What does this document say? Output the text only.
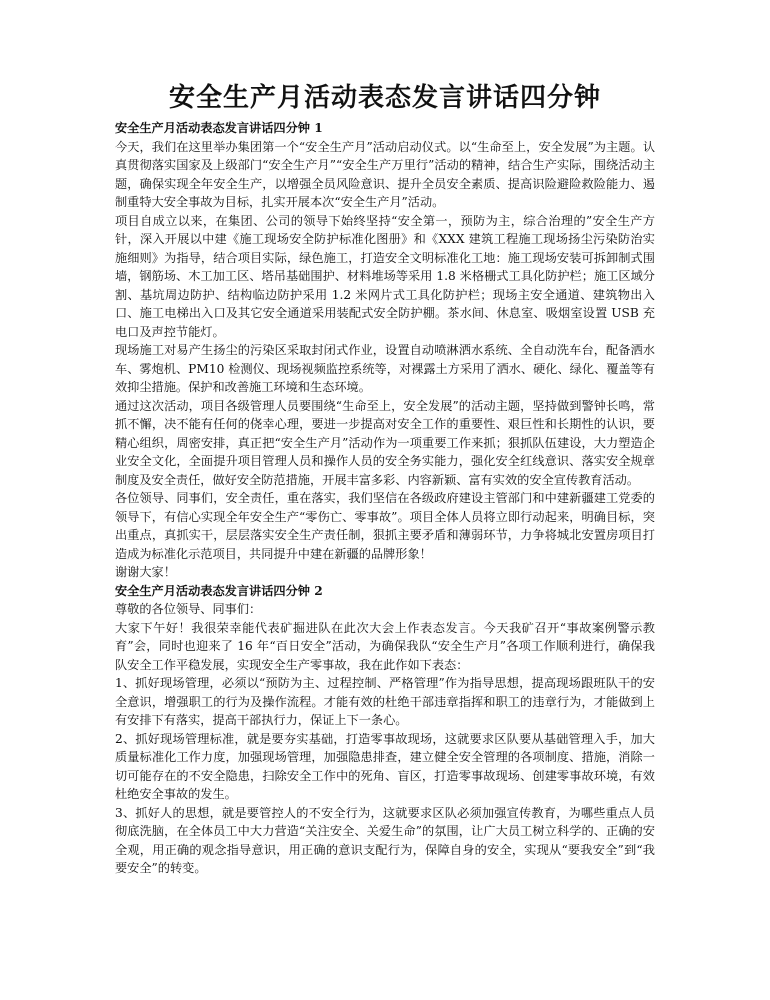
安全生产月活动表态发言讲话四分钟

安全生产月活动表态发言讲话四分钟 1

今天，我们在这里举办集团第一个“安全生产月”活动启动仪式。以“生命至上，安全发展”为主题。认真贯彻落实国家及上级部门“安全生产月”“安全生产万里行”活动的精神，结合生产实际，围绕活动主题，确保实现全年安全生产，以增强全员风险意识、提升全员安全素质、提高识险避险救险能力、遏制重特大安全事故为目标，扎实开展本次“安全生产月”活动。

项目自成立以来，在集团、公司的领导下始终坚持“安全第一，预防为主，综合治理的”安全生产方针，深入开展以中建《施工现场安全防护标准化图册》和《XXX 建筑工程施工现场扬尘污染防治实施细则》为指导，结合项目实际，绿色施工，打造安全文明标准化工地：施工现场安装可拆卸制式围墙，钢筋场、木工加工区、塔吊基础围护、材料堆场等采用 1.8 米格栅式工具化防护栏；施工区域分割、基坑周边防护、结构临边防护采用 1.2 米网片式工具化防护栏；现场主安全通道、建筑物出入口、施工电梯出入口及其它安全通道采用装配式安全防护棚。茶水间、休息室、吸烟室设置 USB 充电口及声控节能灯。

现场施工对易产生扬尘的污染区采取封闭式作业，设置自动喷淋洒水系统、全自动洗车台，配备洒水车、雾炮机、PM10 检测仪、现场视频监控系统等，对裸露土方采用了洒水、硬化、绿化、覆盖等有效抑尘措施。保护和改善施工环境和生态环境。

通过这次活动，项目各级管理人员要围绕“生命至上，安全发展”的活动主题，坚持做到警钟长鸣，常抓不懈，决不能有任何的侥幸心理，要进一步提高对安全工作的重要性、艰巨性和长期性的认识，要精心组织，周密安排，真正把“安全生产月”活动作为一项重要工作来抓；狠抓队伍建设，大力塑造企业安全文化，全面提升项目管理人员和操作人员的安全务实能力，强化安全红线意识、落实安全规章制度及安全责任，做好安全防范措施，开展丰富多彩、内容新颖、富有实效的安全宣传教育活动。

各位领导、同事们，安全责任，重在落实，我们坚信在各级政府建设主管部门和中建新疆建工党委的领导下，有信心实现全年安全生产“零伤亡、零事故”。项目全体人员将立即行动起来，明确目标，突出重点，真抓实干，层层落实安全生产责任制，狠抓主要矛盾和薄弱环节，力争将城北安置房项目打造成为标准化示范项目，共同提升中建在新疆的品牌形象！

谢谢大家！

安全生产月活动表态发言讲话四分钟 2

尊敬的各位领导、同事们：

大家下午好！我很荣幸能代表矿掘进队在此次大会上作表态发言。今天我矿召开“事故案例警示教育”会，同时也迎来了 16 年“百日安全”活动，为确保我队“安全生产月”各项工作顺利进行，确保我队安全工作平稳发展，实现安全生产零事故，我在此作如下表态：

1、抓好现场管理，必须以“预防为主、过程控制、严格管理”作为指导思想，提高现场跟班队干的安全意识，增强职工的行为及操作流程。才能有效的杜绝干部违章指挥和职工的违章行为，才能做到上有安排下有落实，提高干部执行力，保证上下一条心。

2、抓好现场管理标准，就是要夯实基础，打造零事故现场，这就要求区队要从基础管理入手，加大质量标准化工作力度，加强现场管理，加强隐患排查，建立健全安全管理的各项制度、措施，消除一切可能存在的不安全隐患，扫除安全工作中的死角、盲区，打造零事故现场、创建零事故环境，有效杜绝安全事故的发生。

3、抓好人的思想，就是要管控人的不安全行为，这就要求区队必须加强宣传教育，为哪些重点人员彻底洗脑，在全体员工中大力营造“关注安全、关爱生命”的氛围，让广大员工树立科学的、正确的安全观，用正确的观念指导意识，用正确的意识支配行为，保障自身的安全，实现从“要我安全”到“我要安全”的转变。
